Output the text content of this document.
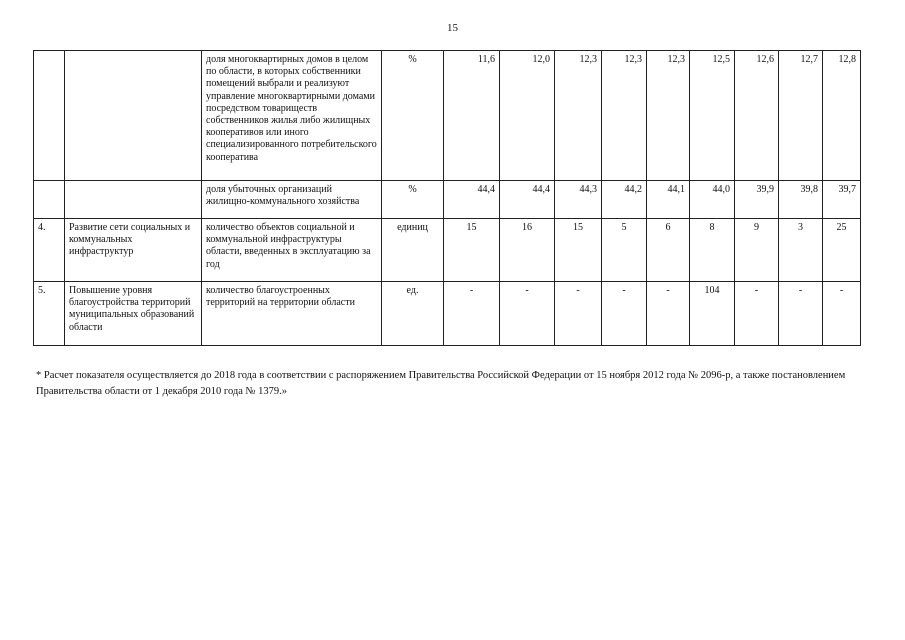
15
		доля многоквартирных домов в целом по области, в которых собственники помещений выбрали и реализуют управление многоквартирными домами посредством товариществ собственников жилья либо жилищных кооперативов или иного специализированного потребительского кооператива	%	11,6	12,0	12,3	12,3	12,3	12,5	12,6	12,7	12,8
		доля убыточных организаций жилищно-коммунального хозяйства	%	44,4	44,4	44,3	44,2	44,1	44,0	39,9	39,8	39,7
4.	Развитие сети социальных и коммунальных инфраструктур	количество объектов социальной и коммунальной инфраструктуры области, введенных в эксплуатацию за год	единиц	15	16	15	5	6	8	9	3	25
5.	Повышение уровня благоустройства территорий муниципальных образований области	количество благоустроенных территорий на территории области	ед.	-	-	-	-	-	104	-	-	-
* Расчет показателя осуществляется до 2018 года в соответствии с распоряжением Правительства Российской Федерации от 15 ноября 2012 года № 2096-р, а также постановлением Правительства области от 1 декабря 2010 года № 1379.»
